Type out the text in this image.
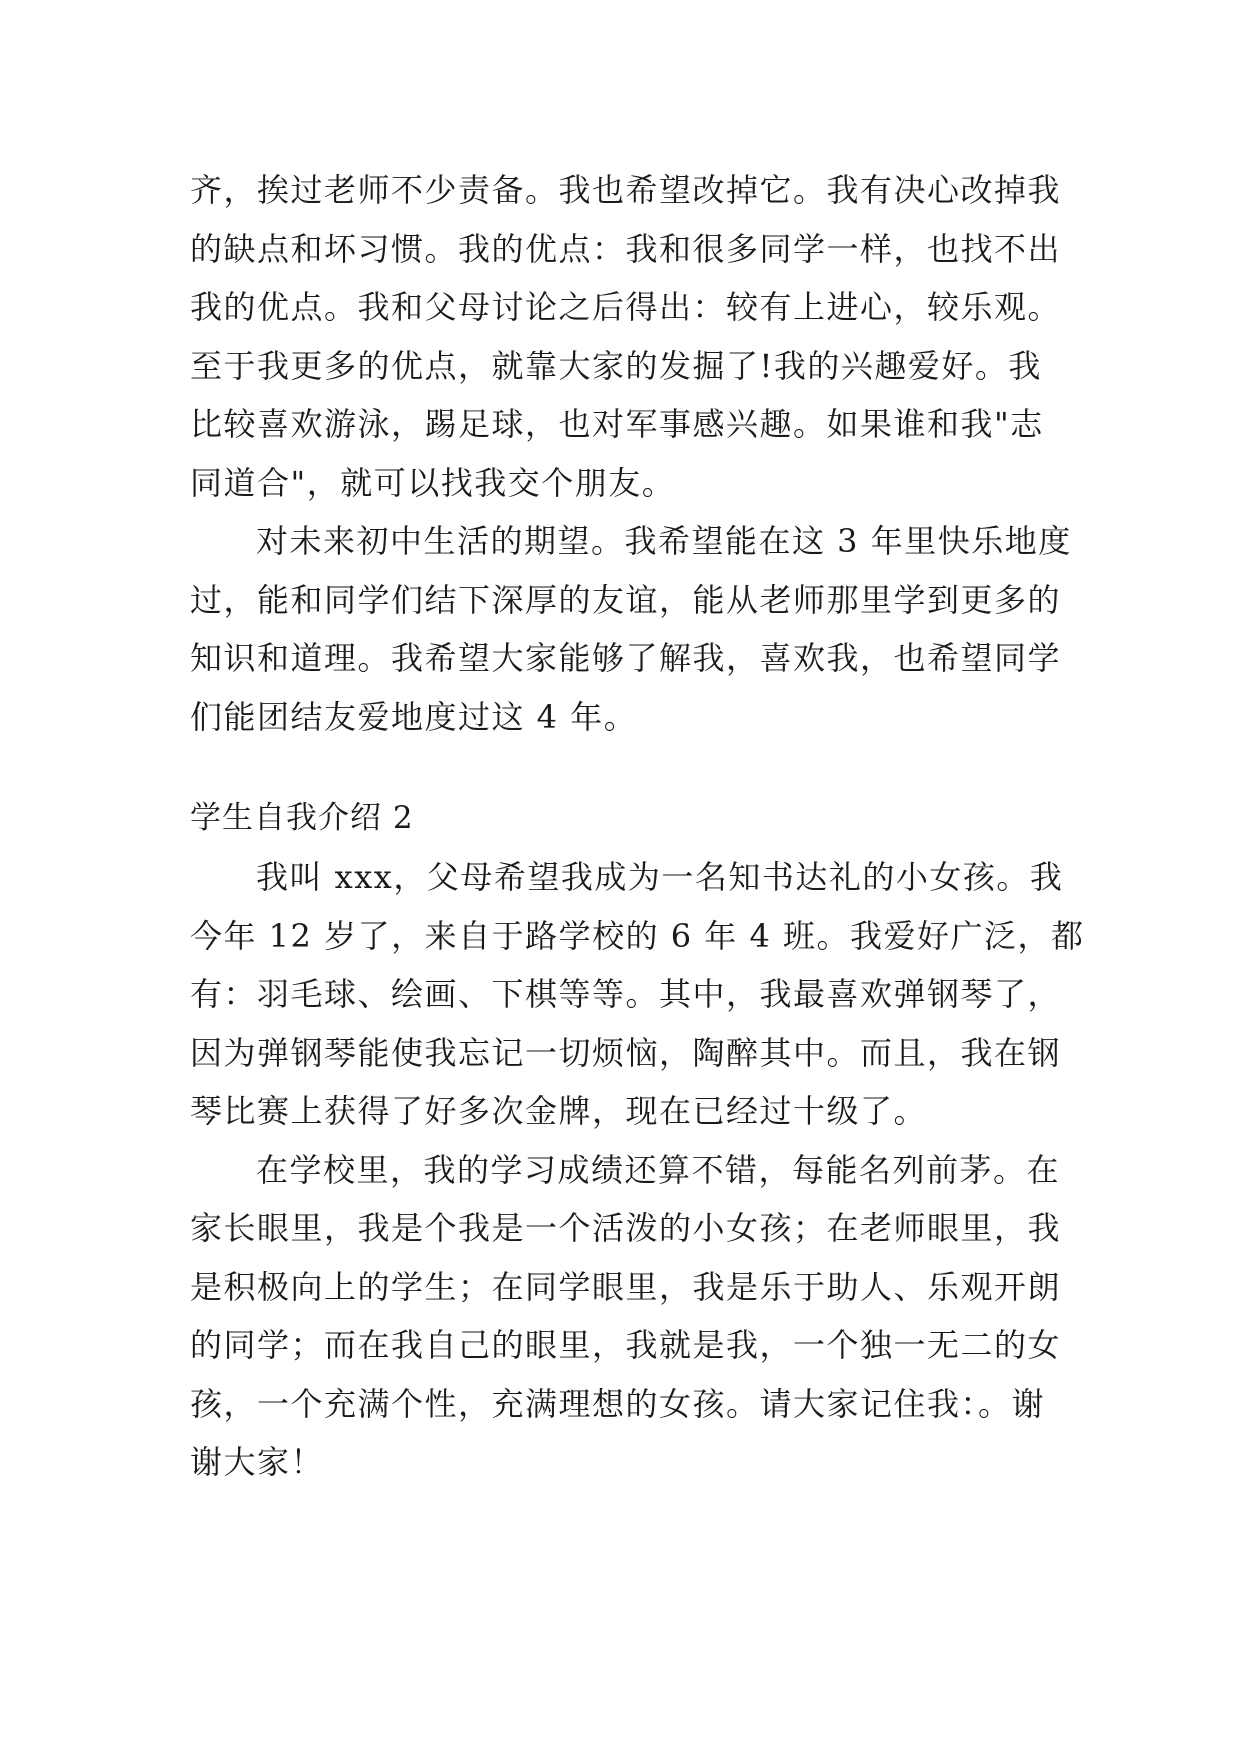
齐，挨过老师不少责备。我也希望改掉它。我有决心改掉我
的缺点和坏习惯。我的优点：我和很多同学一样，也找不出
我的优点。我和父母讨论之后得出：较有上进心，较乐观。
至于我更多的优点，就靠大家的发掘了!我的兴趣爱好。我
比较喜欢游泳，踢足球，也对军事感兴趣。如果谁和我"志
同道合"，就可以找我交个朋友。
对未来初中生活的期望。我希望能在这 3 年里快乐地度
过，能和同学们结下深厚的友谊，能从老师那里学到更多的
知识和道理。我希望大家能够了解我，喜欢我，也希望同学
们能团结友爱地度过这 4 年。
学生自我介绍 2
我叫 xxx，父母希望我成为一名知书达礼的小女孩。我
今年 12 岁了，来自于路学校的 6 年 4 班。我爱好广泛，都
有：羽毛球、绘画、下棋等等。其中，我最喜欢弹钢琴了，
因为弹钢琴能使我忘记一切烦恼，陶醉其中。而且，我在钢
琴比赛上获得了好多次金牌，现在已经过十级了。
在学校里，我的学习成绩还算不错，每能名列前茅。在
家长眼里，我是个我是一个活泼的小女孩；在老师眼里，我
是积极向上的学生；在同学眼里，我是乐于助人、乐观开朗
的同学；而在我自己的眼里，我就是我，一个独一无二的女
孩，一个充满个性，充满理想的女孩。请大家记住我：。谢
谢大家！
